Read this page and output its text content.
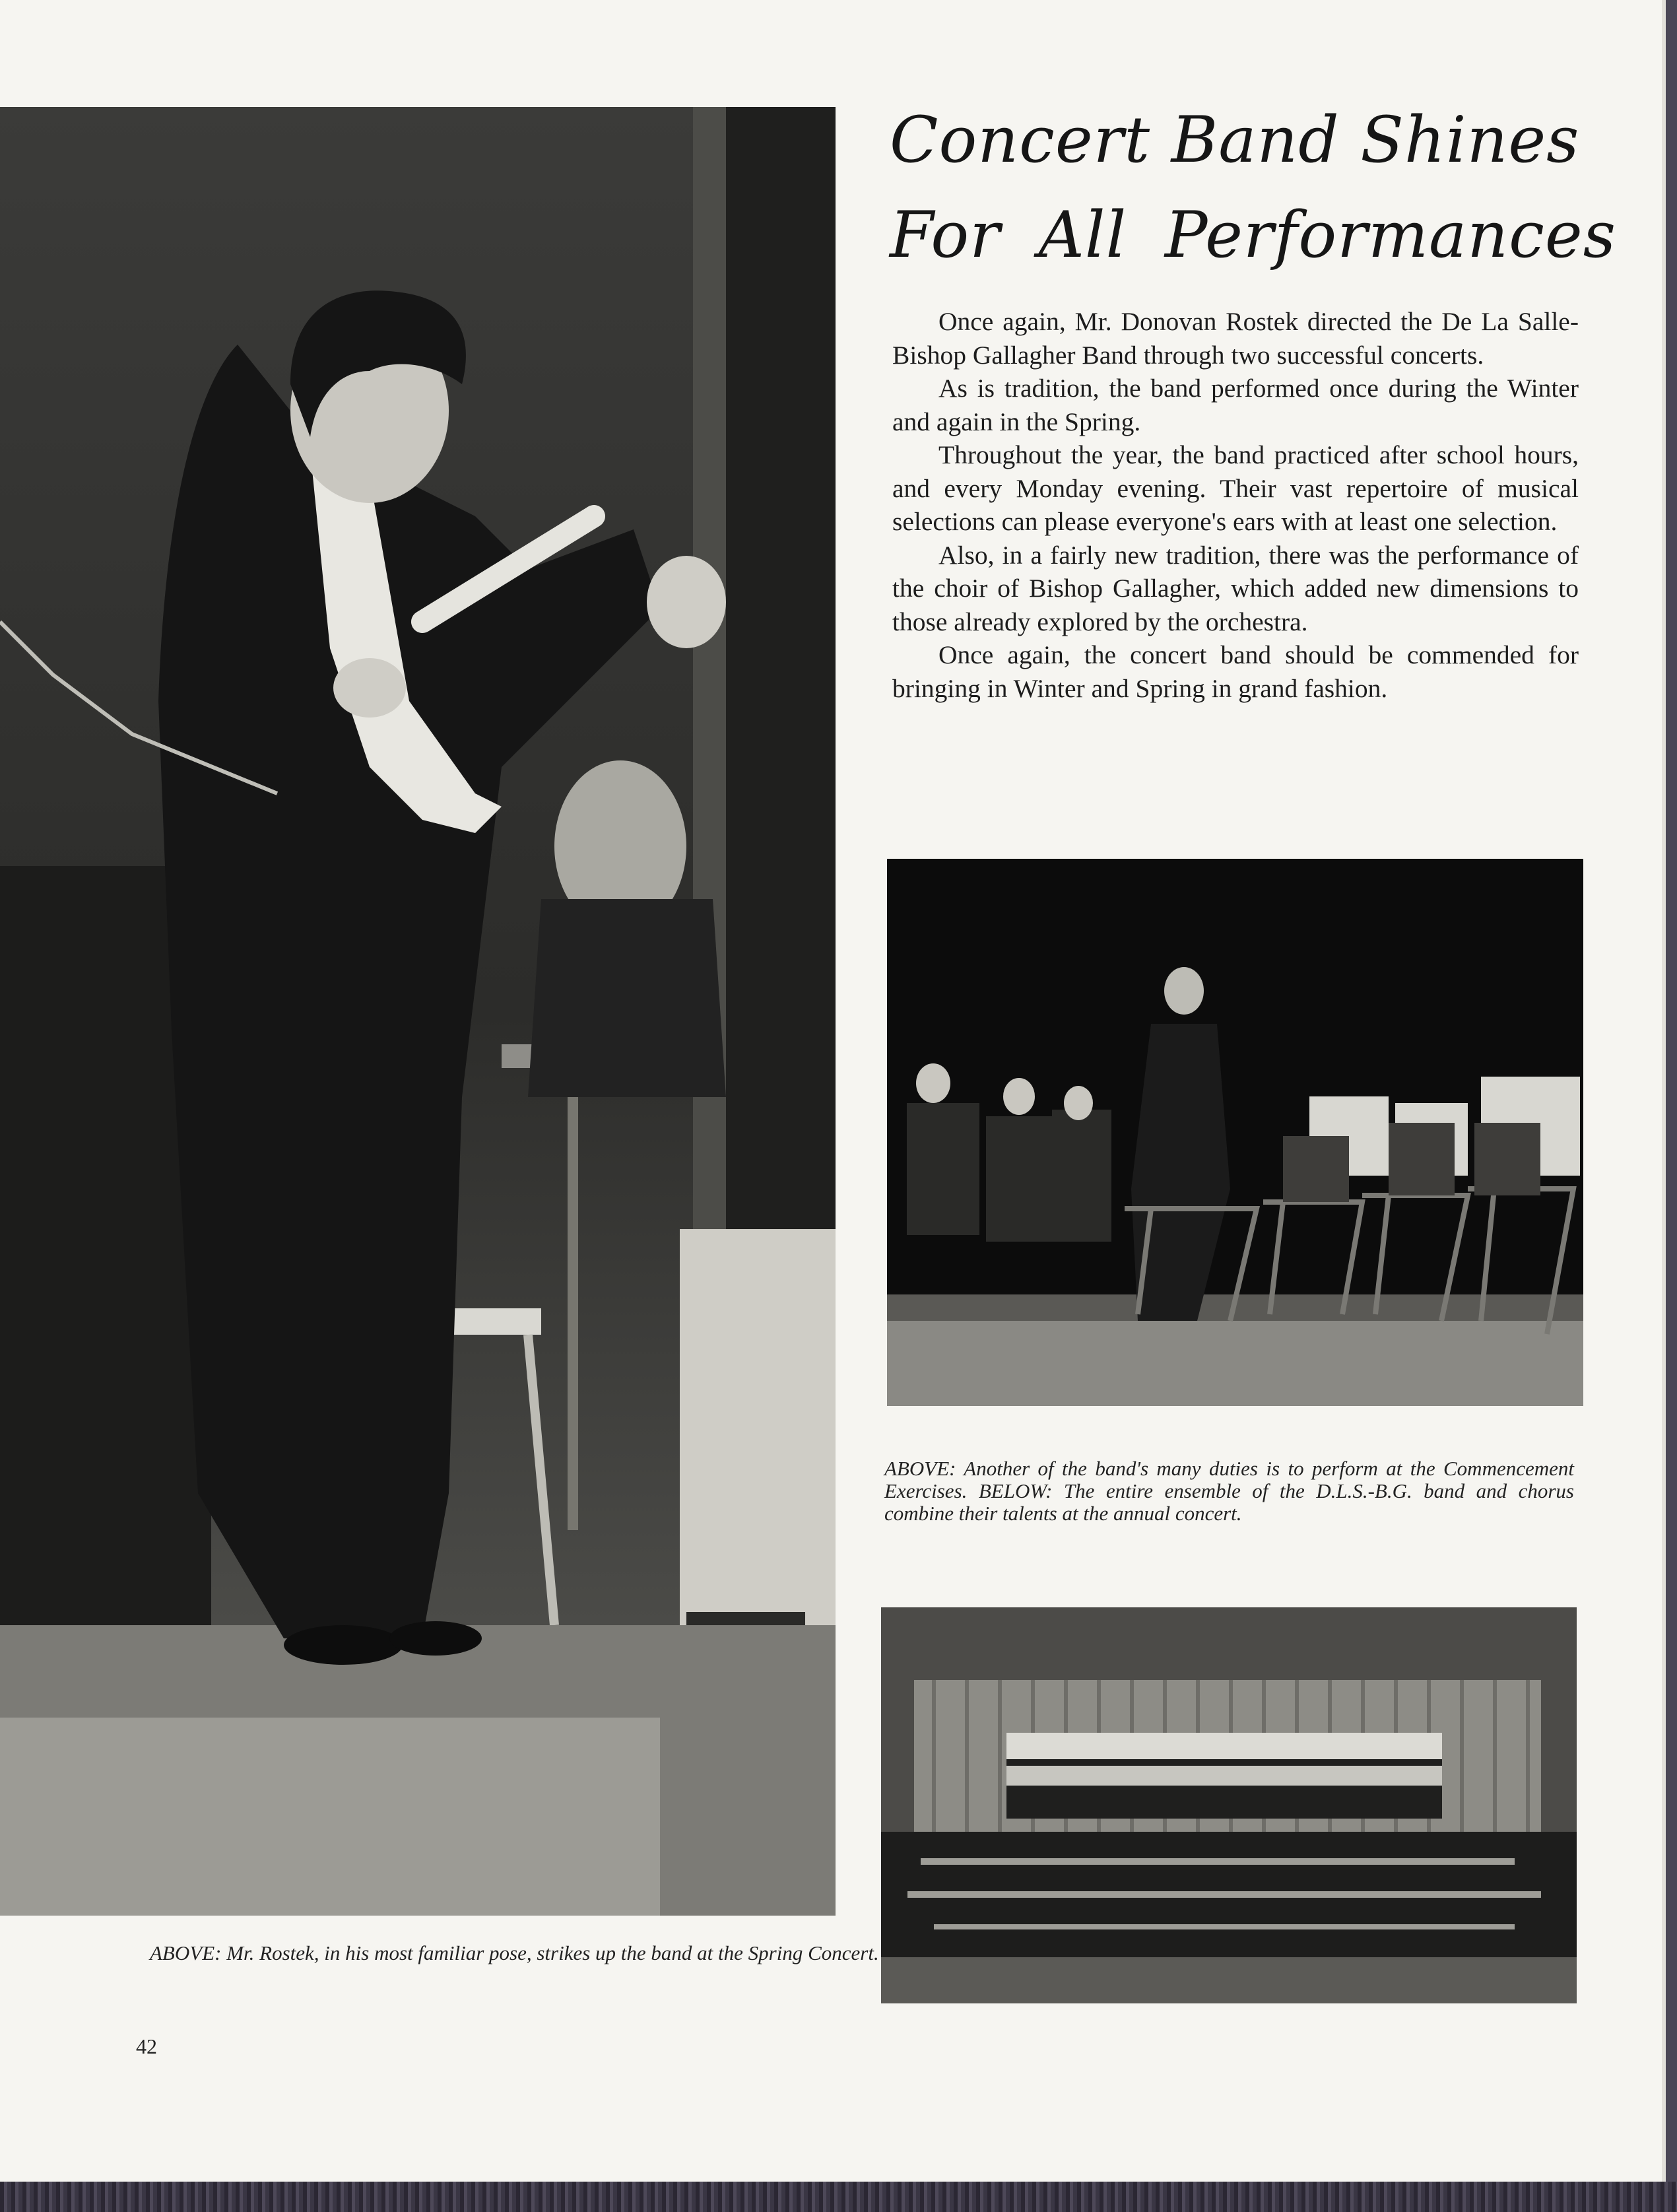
Concert Band Shines
For All Performances

Once again, Mr. Donovan Rostek directed the De La Salle-Bishop Gallagher Band through two successful concerts.

As is tradition, the band performed once during the Winter and again in the Spring.

Throughout the year, the band practiced after school hours, and every Monday evening. Their vast repertoire of musical selections can please everyone's ears with at least one selection.

Also, in a fairly new tradition, there was the performance of the choir of Bishop Gallagher, which added new dimensions to those already explored by the orchestra.

Once again, the concert band should be commended for bringing in Winter and Spring in grand fashion.

ABOVE: Another of the band's many duties is to perform at the Commencement Exercises. BELOW: The entire ensemble of the D.L.S.-B.G. band and chorus combine their talents at the annual concert.
ABOVE: Mr. Rostek, in his most familiar pose, strikes up the band at the Spring Concert.
42
